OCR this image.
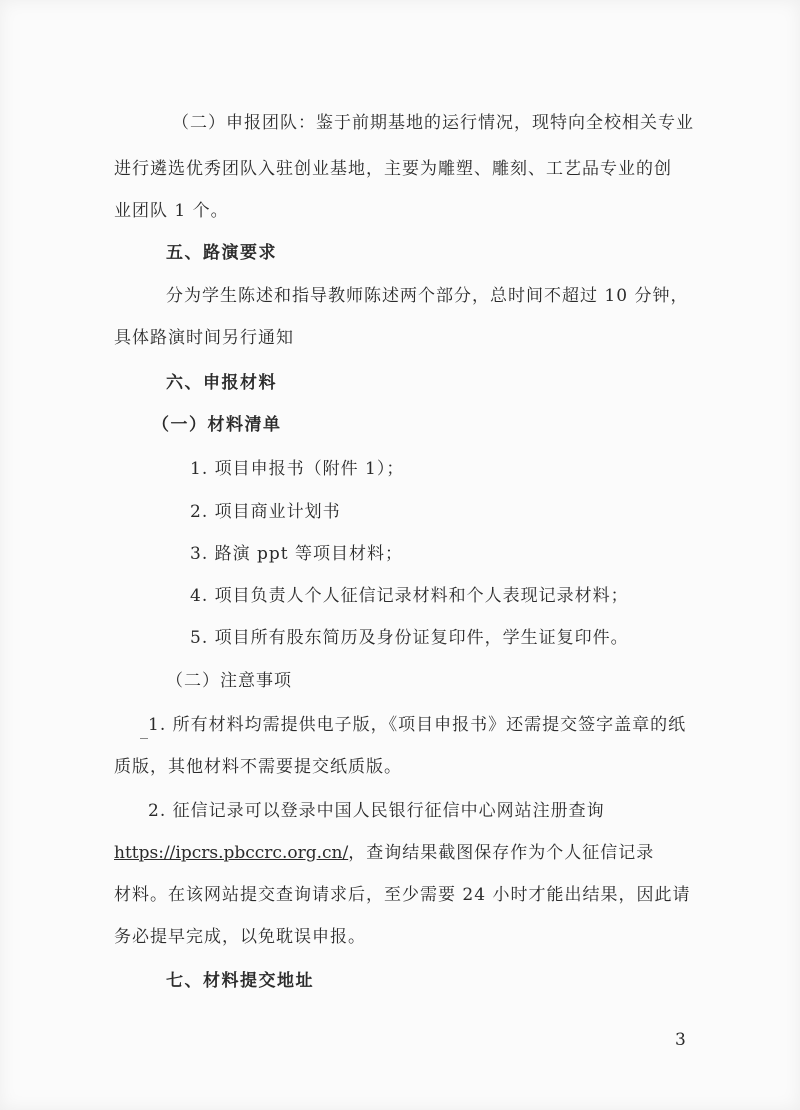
（二）申报团队：鉴于前期基地的运行情况，现特向全校相关专业
进行遴选优秀团队入驻创业基地，主要为雕塑、雕刻、工艺品专业的创
业团队 1 个。
五、路演要求
分为学生陈述和指导教师陈述两个部分，总时间不超过 10 分钟，
具体路演时间另行通知
六、申报材料
（一）材料清单
1. 项目申报书（附件 1）；
2. 项目商业计划书
3. 路演 ppt 等项目材料；
4. 项目负责人个人征信记录材料和个人表现记录材料；
5. 项目所有股东简历及身份证复印件，学生证复印件。
（二）注意事项
1. 所有材料均需提供电子版，《项目申报书》还需提交签字盖章的纸
质版，其他材料不需要提交纸质版。
2. 征信记录可以登录中国人民银行征信中心网站注册查询
https://ipcrs.pbccrc.org.cn/，查询结果截图保存作为个人征信记录
材料。在该网站提交查询请求后，至少需要 24 小时才能出结果，因此请
务必提早完成，以免耽误申报。
七、材料提交地址
3
